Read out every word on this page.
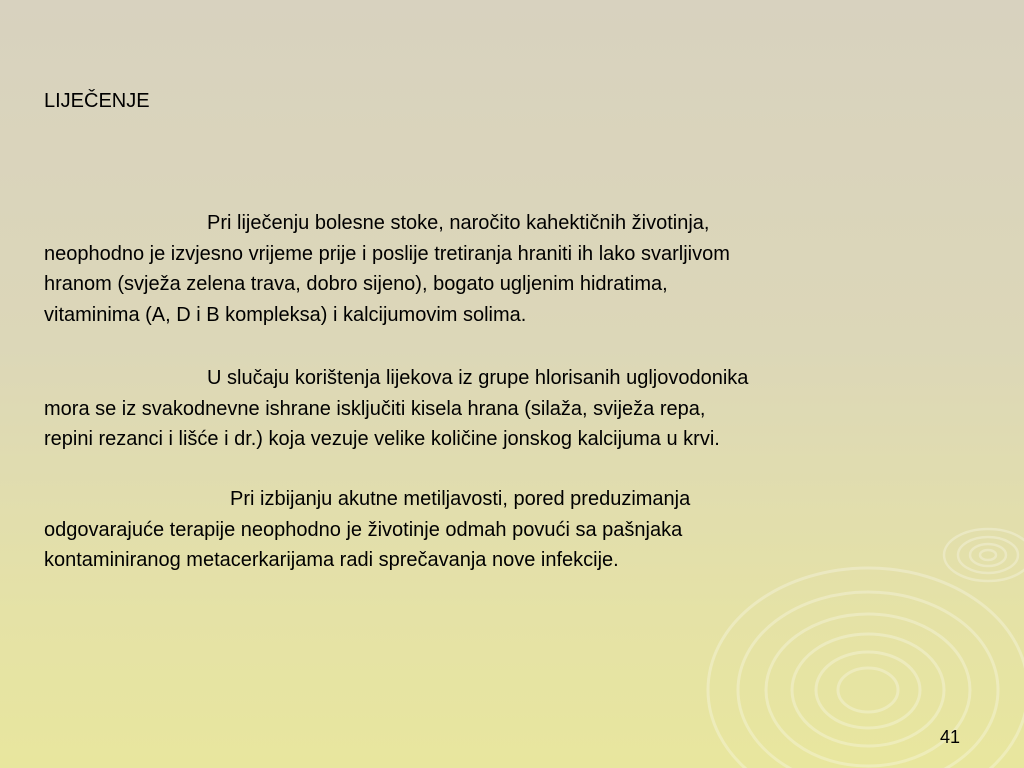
LIJEČENJE
Pri liječenju bolesne stoke, naročito kahektičnih životinja,
neophodno je izvjesno vrijeme prije i poslije tretiranja hraniti ih lako svarljivom
hranom (svježa zelena trava, dobro sijeno), bogato ugljenim hidratima,
vitaminima (A, D i B kompleksa) i kalcijumovim solima.
U slučaju korištenja lijekova iz grupe hlorisanih ugljovodonika
mora se iz svakodnevne ishrane isključiti kisela hrana (silaža, sviježa repa,
repini rezanci i lišće i dr.) koja vezuje velike količine jonskog kalcijuma u krvi.
Pri izbijanju akutne metiljavosti, pored preduzimanja
odgovarajuće terapije neophodno je životinje odmah povući sa pašnjaka
kontaminiranog metacerkarijama radi sprečavanja nove infekcije.
41
